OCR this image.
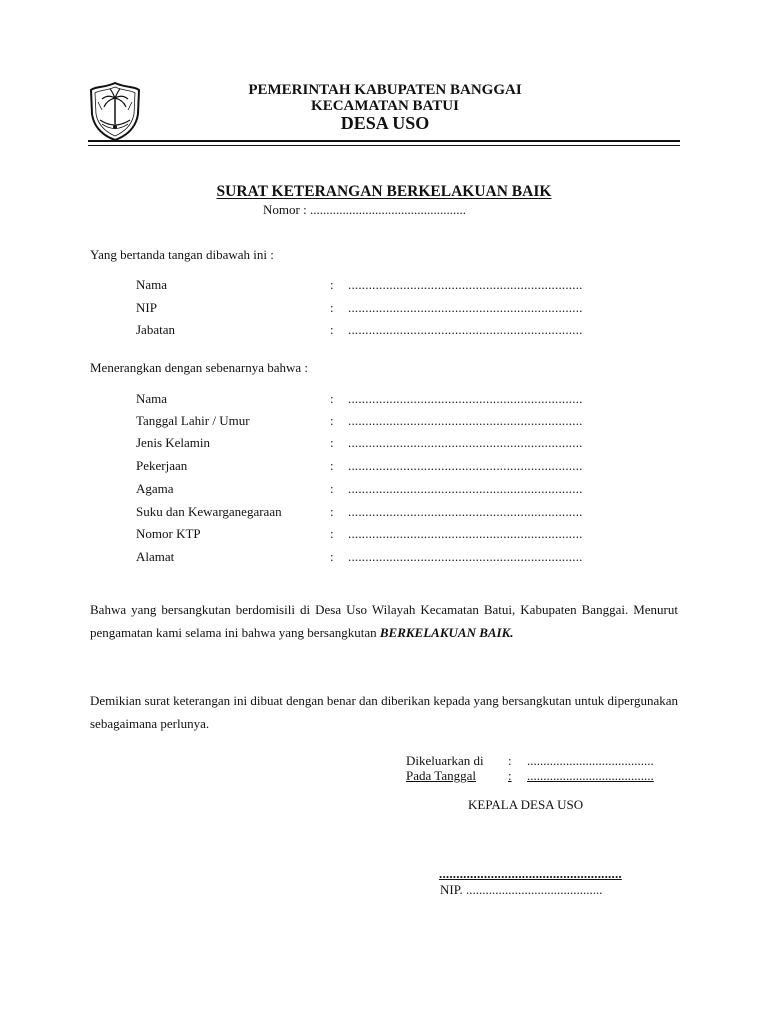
PEMERINTAH KABUPATEN BANGGAI
KECAMATAN BATUI
DESA USO
SURAT KETERANGAN BERKELAKUAN BAIK
Nomor : ................................................
Yang bertanda tangan dibawah ini :
Nama	: ....................................................................
NIP	: ....................................................................
Jabatan	: ....................................................................
Menerangkan dengan sebenarnya bahwa :
Nama	: ....................................................................
Tanggal Lahir / Umur	: ....................................................................
Jenis Kelamin	: ....................................................................
Pekerjaan	: ....................................................................
Agama	: ....................................................................
Suku dan Kewarganegaraan	: ....................................................................
Nomor KTP	: ....................................................................
Alamat	: ....................................................................
Bahwa yang bersangkutan berdomisili di Desa Uso Wilayah Kecamatan Batui, Kabupaten Banggai. Menurut pengamatan kami selama ini bahwa yang bersangkutan BERKELAKUAN BAIK.
Demikian surat keterangan ini dibuat dengan benar dan diberikan kepada yang bersangkutan untuk dipergunakan sebagaimana perlunya.
Dikeluarkan di : .......................................
Pada Tanggal : .......................................
KEPALA DESA USO
.....................................................
NIP. ..........................................
